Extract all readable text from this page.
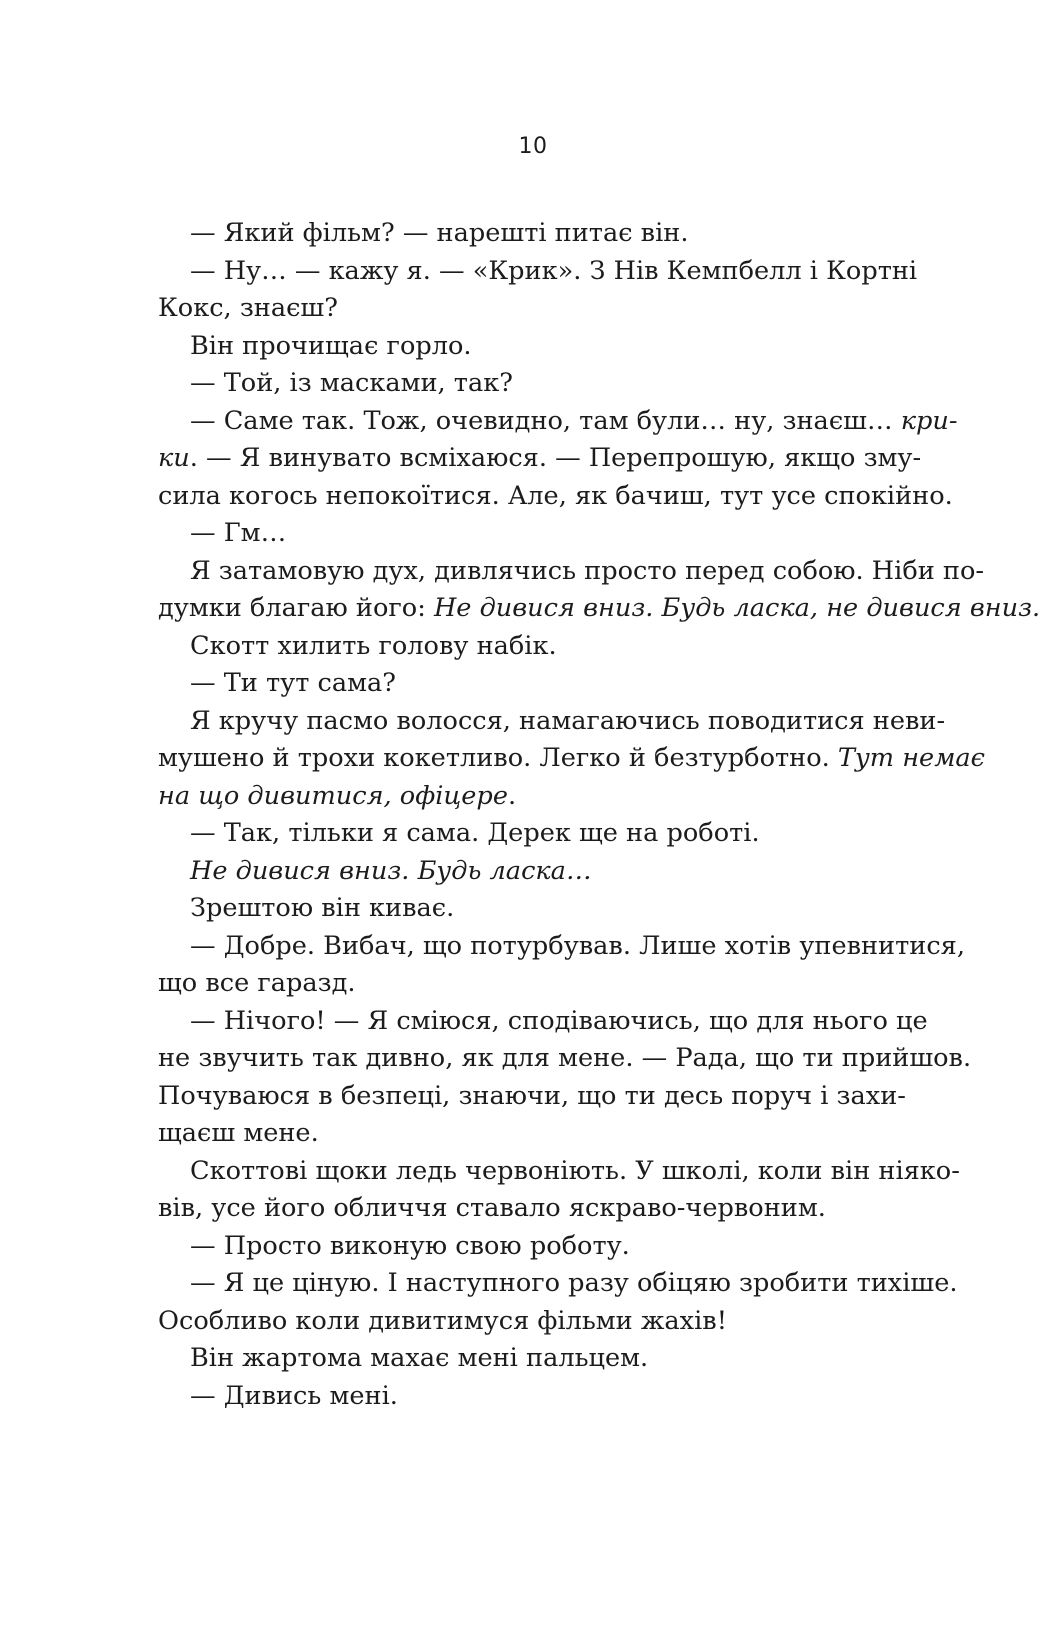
10
— Який фільм? — нарешті питає він.
— Ну… — кажу я. — «Крик». З Нів Кемпбелл і Кортні
Кокс, знаєш?
Він прочищає горло.
— Той, із масками, так?
— Саме так. Тож, очевидно, там були… ну, знаєш… кри-
ки. — Я винувато всміхаюся. — Перепрошую, якщо зму-
сила когось непокоїтися. Але, як бачиш, тут усе спокійно.
— Гм…
Я затамовую дух, дивлячись просто перед собою. Ніби по-
думки благаю його: Не дивися вниз. Будь ласка, не дивися вниз.
Скотт хилить голову набік.
— Ти тут сама?
Я кручу пасмо волосся, намагаючись поводитися неви-
мушено й трохи кокетливо. Легко й безтурботно. Тут немає
на що дивитися, офіцере.
— Так, тільки я сама. Дерек ще на роботі.
Не дивися вниз. Будь ласка…
Зрештою він киває.
— Добре. Вибач, що потурбував. Лише хотів упевнитися,
що все гаразд.
— Нічого! — Я сміюся, сподіваючись, що для нього це
не звучить так дивно, як для мене. — Рада, що ти прийшов.
Почуваюся в безпеці, знаючи, що ти десь поруч і захи-
щаєш мене.
Скоттові щоки ледь червоніють. У школі, коли він ніяко-
вів, усе його обличчя ставало яскраво-червоним.
— Просто виконую свою роботу.
— Я це ціную. І наступного разу обіцяю зробити тихіше.
Особливо коли дивитимуся фільми жахів!
Він жартома махає мені пальцем.
— Дивись мені.
